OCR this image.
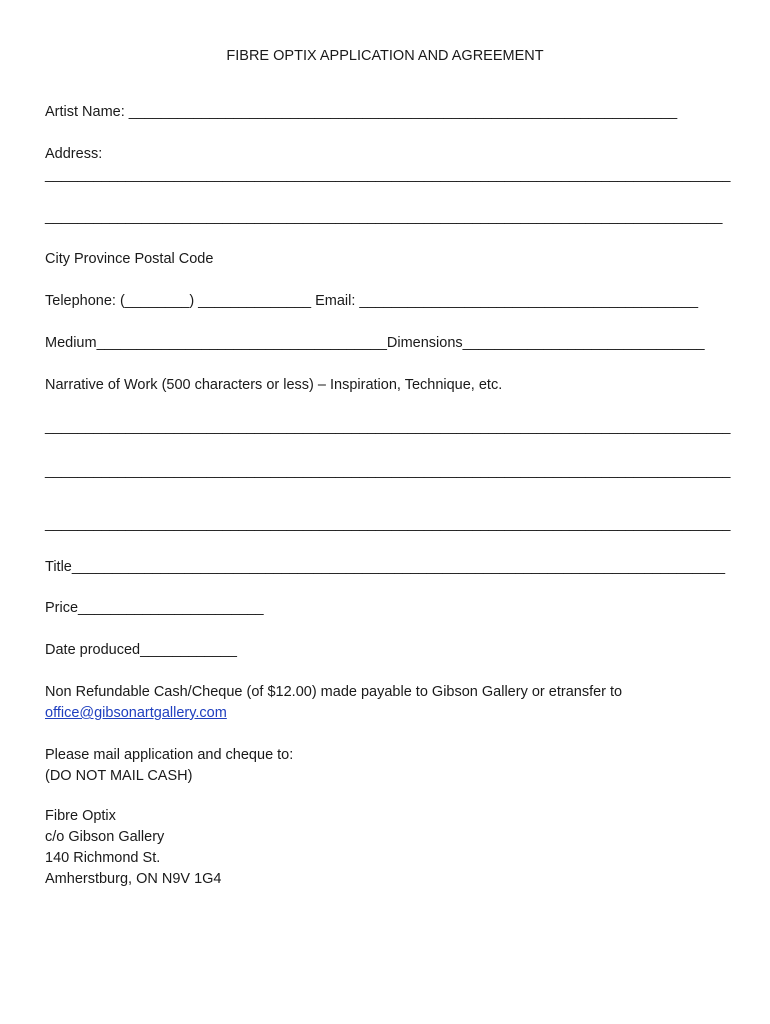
FIBRE OPTIX APPLICATION AND AGREEMENT
Artist Name: ____________________________________________________________________
Address:
_____________________________________________________________________________________
____________________________________________________________________________________
City Province Postal Code
Telephone: (________) ______________ Email: __________________________________________
Medium____________________________________Dimensions______________________________
Narrative of Work (500 characters or less) – Inspiration, Technique, etc.
_____________________________________________________________________________________
_____________________________________________________________________________________
_____________________________________________________________________________________
Title_________________________________________________________________________________
Price_______________________
Date produced____________
Non Refundable Cash/Cheque (of $12.00) made payable to Gibson Gallery or etransfer to
office@gibsonartgallery.com
Please mail application and cheque to:
(DO NOT MAIL CASH)
Fibre Optix
c/o Gibson Gallery
140 Richmond St.
Amherstburg, ON N9V 1G4
